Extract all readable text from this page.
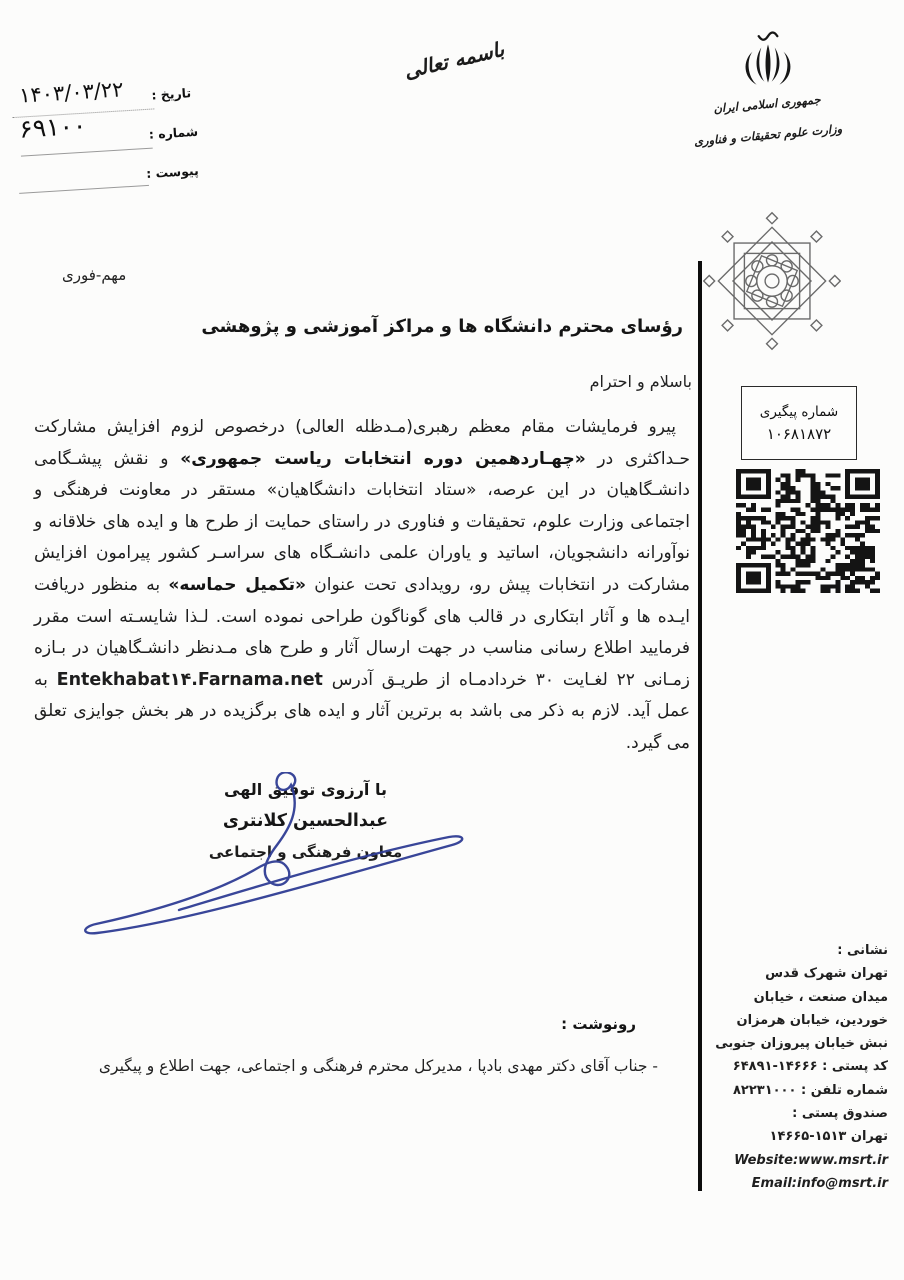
تاریخ :
۱۴۰۳/۰۳/۲۲
شماره :
۶۹۱۰۰
پیوست :
باسمه تعالی
جمهوری اسلامی ایران
وزارت علوم تحقیقات و فناوری
شماره پیگیری
۱۰۶۸۱۸۷۲
نشانی :
تهران شهرک قدس
میدان صنعت ، خیابان
خوردین، خیابان هرمزان
نبش خیابان پیروزان جنوبی
کد پستی : ۱۴۶۶۶-۶۴۸۹۱
شماره تلفن : ۸۲۲۳۱۰۰۰
صندوق پستی :
تهران ۱۵۱۳-۱۴۶۶۵
Website:www.msrt.ir
Email:info@msrt.ir
مهم-فوری
رؤسای محترم دانشگاه ها و مراکز آموزشی و پژوهشی
باسلام و احترام

پیرو فرمایشات مقام معظم رهبری(مـدظله العالی) درخصوص لزوم افزایش مشارکت حـداکثری در «چهـاردهمین دوره انتخابات ریاست جمهوری» و نقش پیشـگامی دانشـگاهیان در این عرصه، «ستاد انتخابات دانشگاهیان» مستقر در معاونت فرهنگی و اجتماعی وزارت علوم، تحقیقات و فناوری در راستای حمایت از طرح ها و ایده های خلاقانه و نوآورانه دانشجویان، اساتید و یاوران علمی دانشـگاه های سراسـر کشور پیرامون افزایش مشارکت در انتخابات پیش رو، رویدادی تحت عنوان «تکمیل حماسه» به منظور دریافت ایـده ها و آثار ابتکاری در قالب های گوناگون طراحی نموده است. لـذا شایسـته است مقرر فرمایید اطلاع رسانی مناسب در جهت ارسال آثار و طرح های مـدنظر دانشـگاهیان در بـازه زمـانی ۲۲ لغـایت ۳۰ خردادمـاه از طریـق آدرس Entekhabat۱۴.Farnama.net به عمل آید. لازم به ذکر می باشد به برترین آثار و ایده های برگزیده در هر بخش جوایزی تعلق می گیرد.

با آرزوی توفیق الهی
عبدالحسین کلانتری
معاون فرهنگی و اجتماعی
رونوشت :
- جناب آقای دکتر مهدی بادپا ، مدیرکل محترم فرهنگی و اجتماعی، جهت اطلاع و پیگیری
